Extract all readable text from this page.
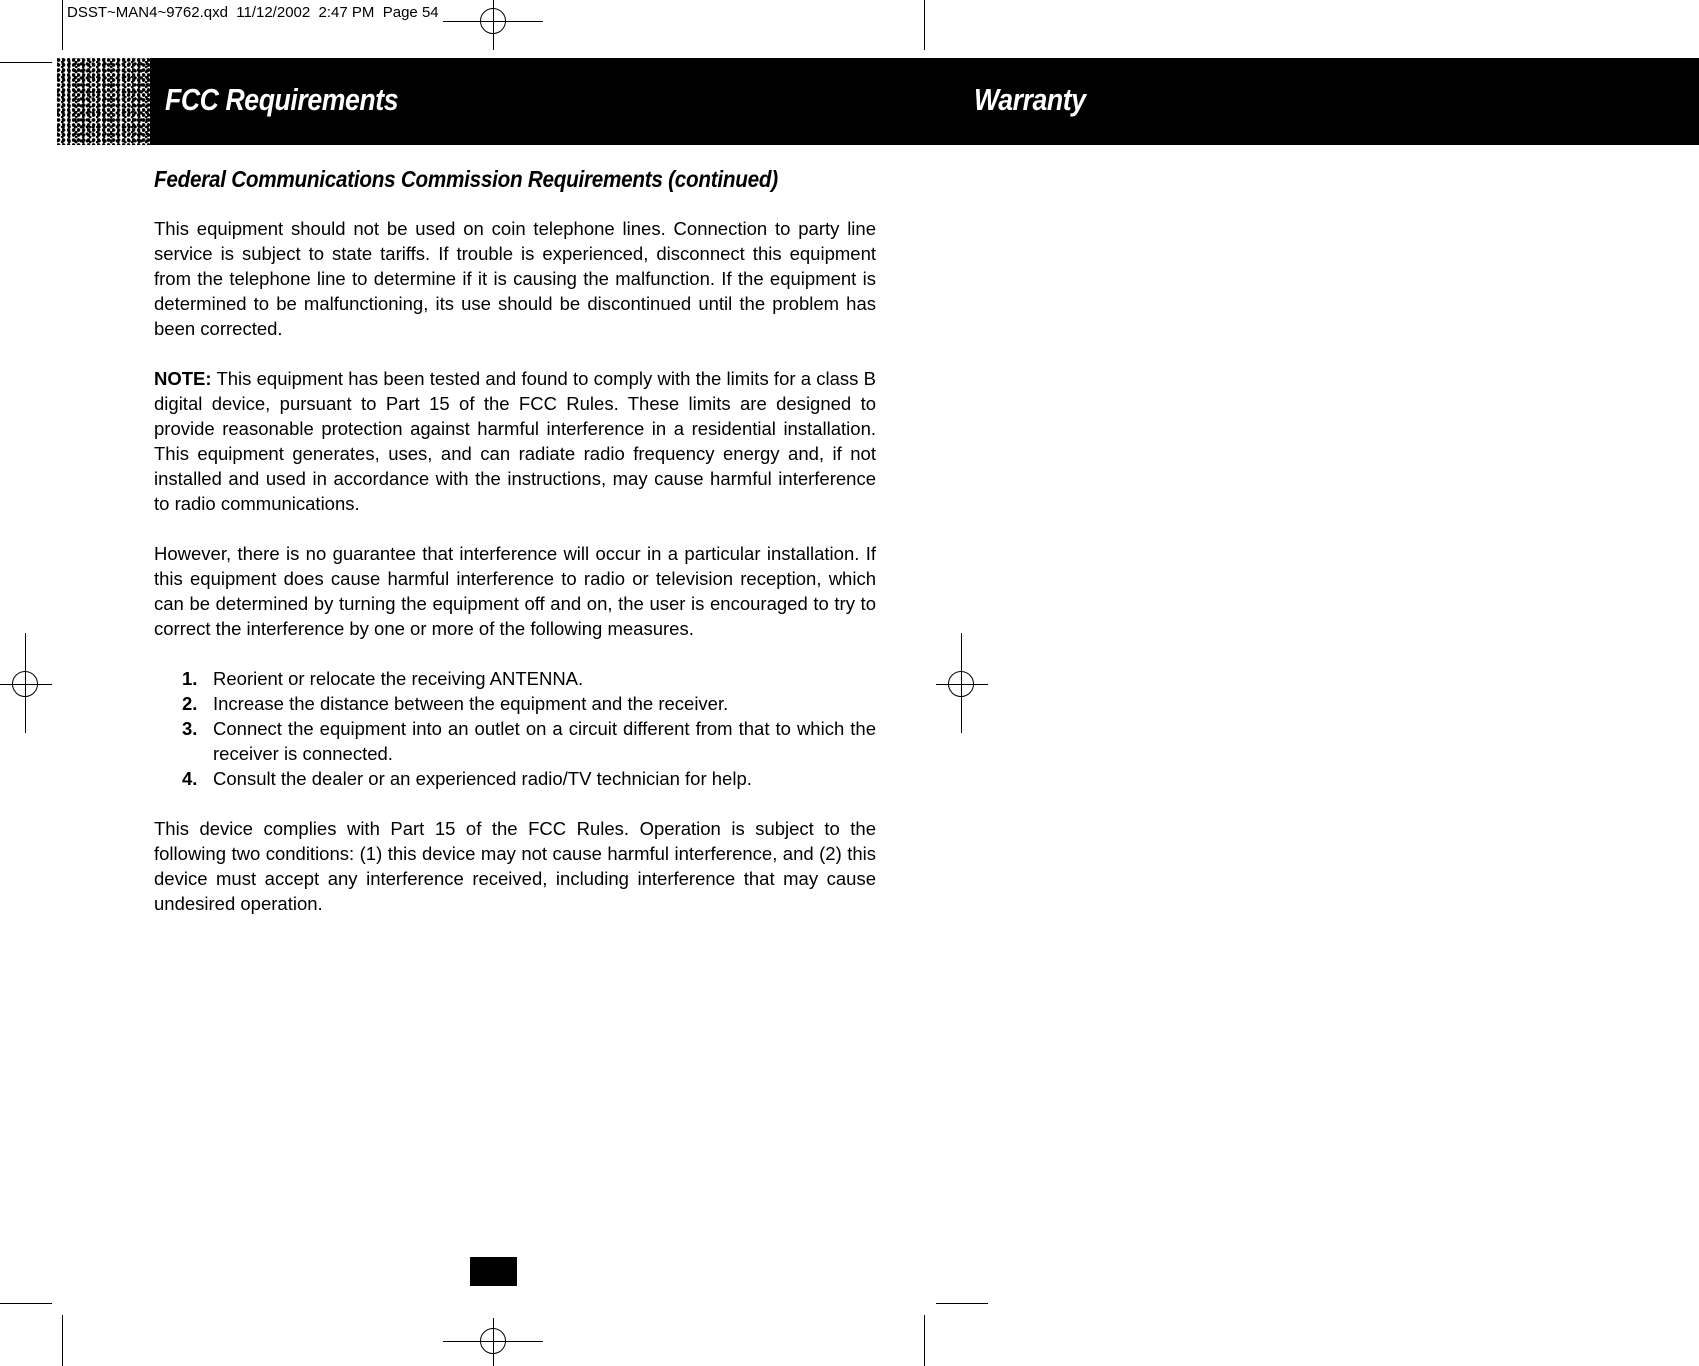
DSST~MAN4~9762.qxd  11/12/2002  2:47 PM  Page 54
FCC Requirements	Warranty
Federal Communications Commission Requirements (continued)

This equipment should not be used on coin telephone lines. Connection to party line service is subject to state tariffs. If trouble is experienced, disconnect this equipment from the telephone line to determine if it is causing the malfunction. If the equipment is determined to be malfunctioning, its use should be discontinued until the problem has been corrected.

NOTE: This equipment has been tested and found to comply with the limits for a class B digital device, pursuant to Part 15 of the FCC Rules. These limits are designed to provide reasonable protection against harmful interference in a residential installation. This equipment generates, uses, and can radiate radio frequency energy and, if not installed and used in accordance with the instructions, may cause harmful interference to radio communications.

However, there is no guarantee that interference will occur in a particular installation. If this equipment does cause harmful interference to radio or television reception, which can be determined by turning the equipment off and on, the user is encouraged to try to correct the interference by one or more of the following measures.

1. Reorient or relocate the receiving ANTENNA.
2. Increase the distance between the equipment and the receiver.
3. Connect the equipment into an outlet on a circuit different from that to which the receiver is connected.
4. Consult the dealer or an experienced radio/TV technician for help.

This device complies with Part 15 of the FCC Rules. Operation is subject to the following two conditions: (1) this device may not cause harmful interference, and (2) this device must accept any interference received, including interference that may cause undesired operation.
